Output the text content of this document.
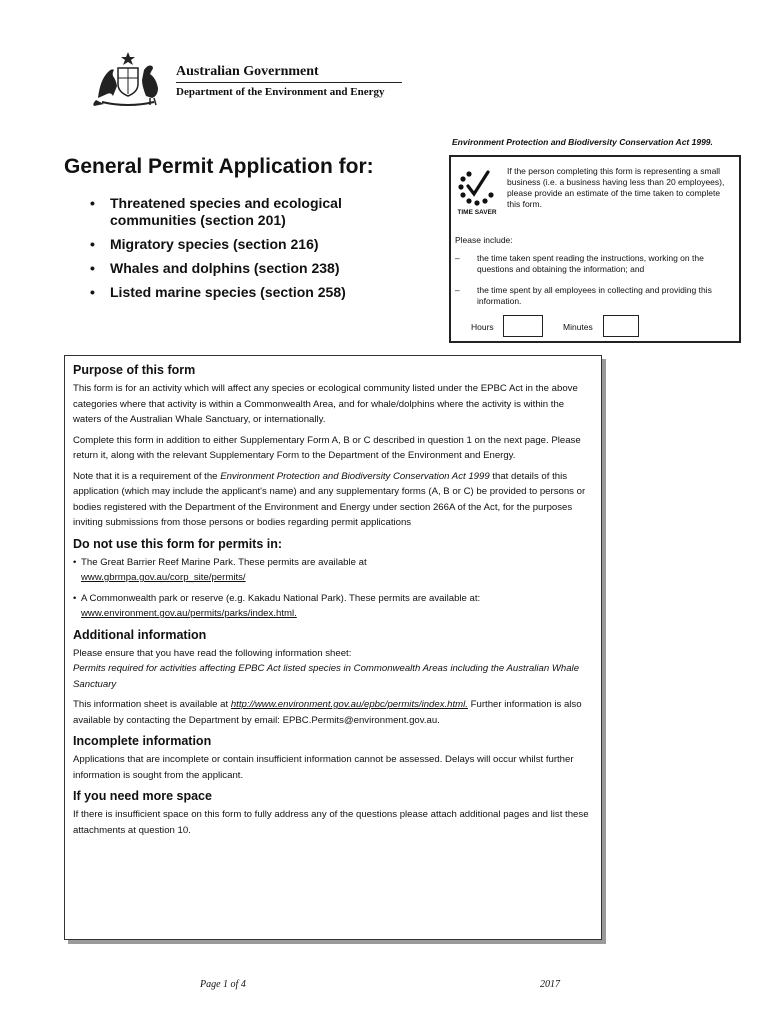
Australian Government
Department of the Environment and Energy
Environment Protection and Biodiversity Conservation Act 1999.
General Permit Application for:
• Threatened species and ecological communities (section 201)
• Migratory species (section 216)
• Whales and dolphins (section 238)
• Listed marine species (section 258)
TIME SAVER
If the person completing this form is representing a small business (i.e. a business having less than 20 employees), please provide an estimate of the time taken to complete this form.
Please include:
– the time taken spent reading the instructions, working on the questions and obtaining the information; and
– the time spent by all employees in collecting and providing this information.
Hours	Minutes
Purpose of this form

This form is for an activity which will affect any species or ecological community listed under the EPBC Act in the above categories where that activity is within a Commonwealth Area, and for whale/dolphins where the activity is within the waters of the Australian Whale Sanctuary, or internationally.

Complete this form in addition to either Supplementary Form A, B or C described in question 1 on the next page. Please return it, along with the relevant Supplementary Form to the Department of the Environment and Energy.

Note that it is a requirement of the Environment Protection and Biodiversity Conservation Act 1999 that details of this application (which may include the applicant's name) and any supplementary forms (A, B or C) be provided to persons or bodies registered with the Department of the Environment and Energy under section 266A of the Act, for the purposes inviting submissions from those persons or bodies regarding permit applications

Do not use this form for permits in:

• The Great Barrier Reef Marine Park. These permits are available at
www.gbrmpa.gov.au/corp_site/permits/

• A Commonwealth park or reserve (e.g. Kakadu National Park). These permits are available at:
www.environment.gov.au/permits/parks/index.html.

Additional information

Please ensure that you have read the following information sheet:
Permits required for activities affecting EPBC Act listed species in Commonwealth Areas including the Australian Whale Sanctuary

This information sheet is available at http://www.environment.gov.au/epbc/permits/index.html. Further information is also available by contacting the Department by email: EPBC.Permits@environment.gov.au.

Incomplete information

Applications that are incomplete or contain insufficient information cannot be assessed. Delays will occur whilst further information is sought from the applicant.

If you need more space

If there is insufficient space on this form to fully address any of the questions please attach additional pages and list these attachments at question 10.

Page 1 of 4	2017
